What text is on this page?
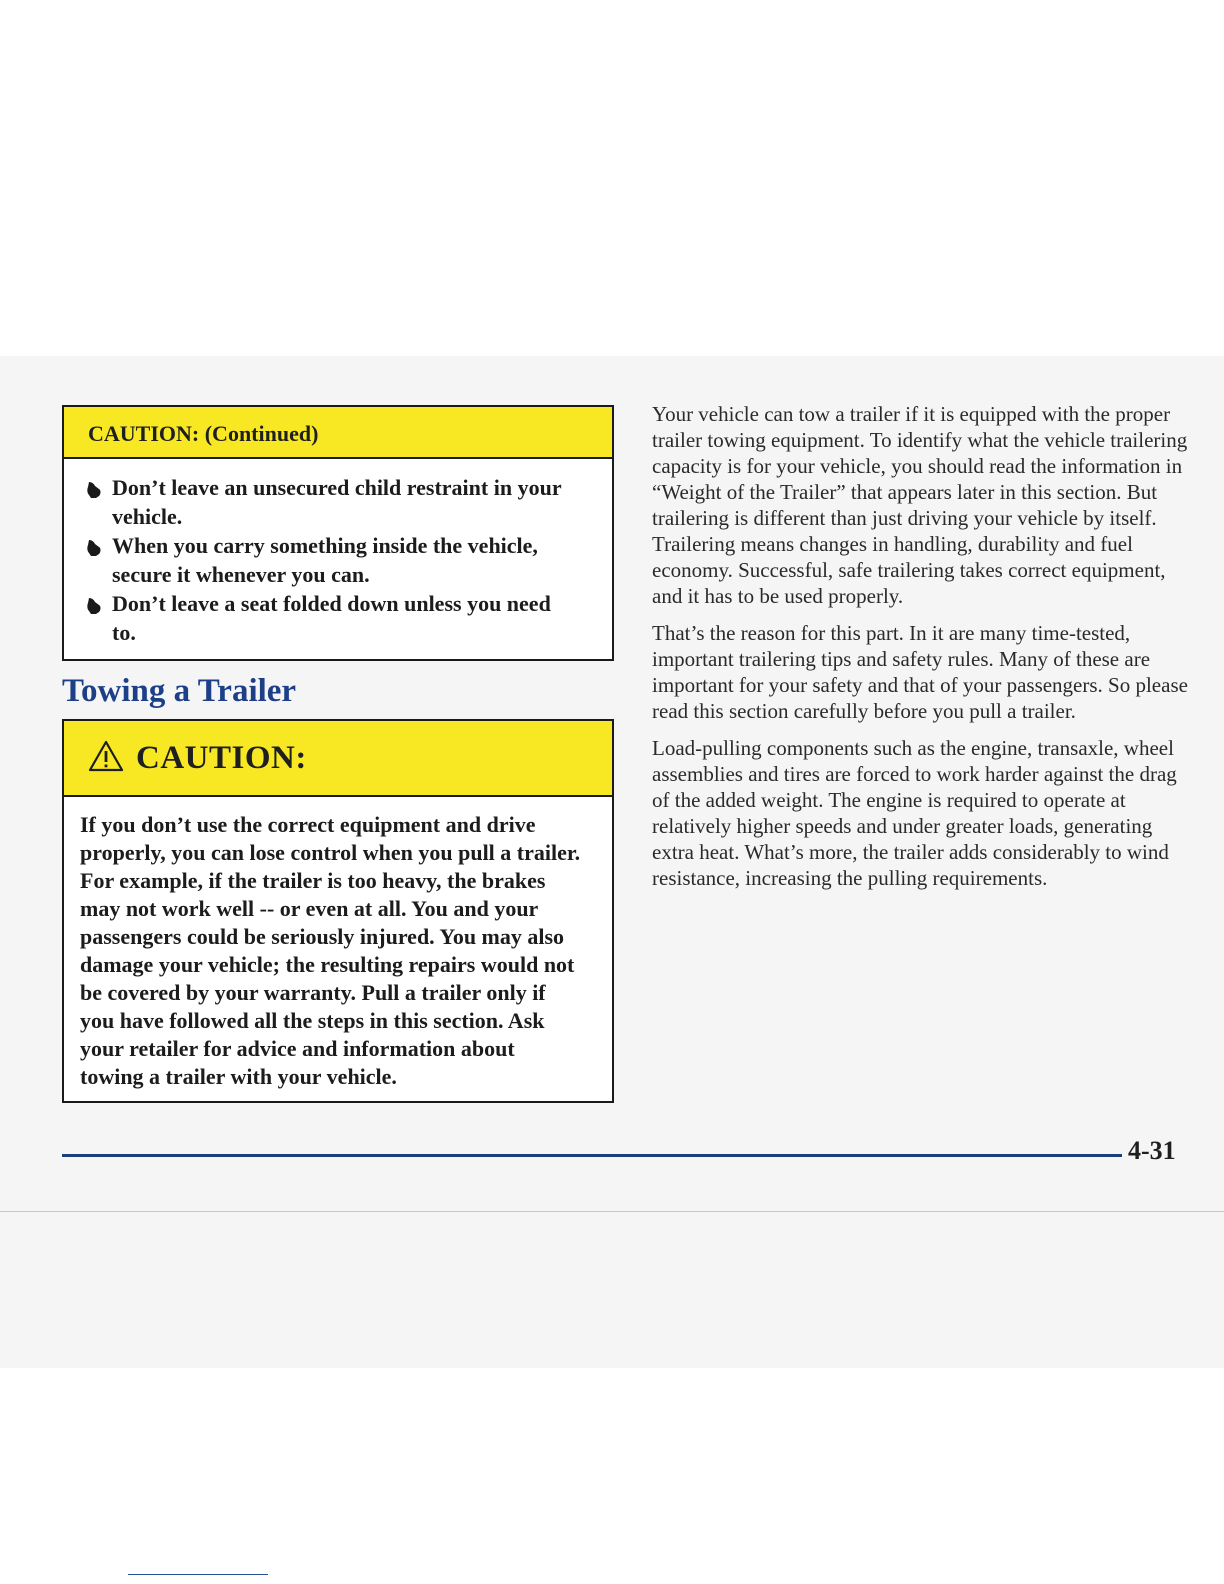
CAUTION: (Continued)
Don’t leave an unsecured child restraint in your vehicle.
When you carry something inside the vehicle, secure it whenever you can.
Don’t leave a seat folded down unless you need to.
Towing a Trailer
CAUTION:

If you don’t use the correct equipment and drive properly, you can lose control when you pull a trailer. For example, if the trailer is too heavy, the brakes may not work well -- or even at all. You and your passengers could be seriously injured. You may also damage your vehicle; the resulting repairs would not be covered by your warranty. Pull a trailer only if you have followed all the steps in this section. Ask your retailer for advice and information about towing a trailer with your vehicle.

Your vehicle can tow a trailer if it is equipped with the proper trailer towing equipment. To identify what the vehicle trailering capacity is for your vehicle, you should read the information in “Weight of the Trailer” that appears later in this section. But trailering is different than just driving your vehicle by itself. Trailering means changes in handling, durability and fuel economy. Successful, safe trailering takes correct equipment, and it has to be used properly.

That’s the reason for this part. In it are many time-tested, important trailering tips and safety rules. Many of these are important for your safety and that of your passengers. So please read this section carefully before you pull a trailer.

Load-pulling components such as the engine, transaxle, wheel assemblies and tires are forced to work harder against the drag of the added weight. The engine is required to operate at relatively higher speeds and under greater loads, generating extra heat. What’s more, the trailer adds considerably to wind resistance, increasing the pulling requirements.

4-31
